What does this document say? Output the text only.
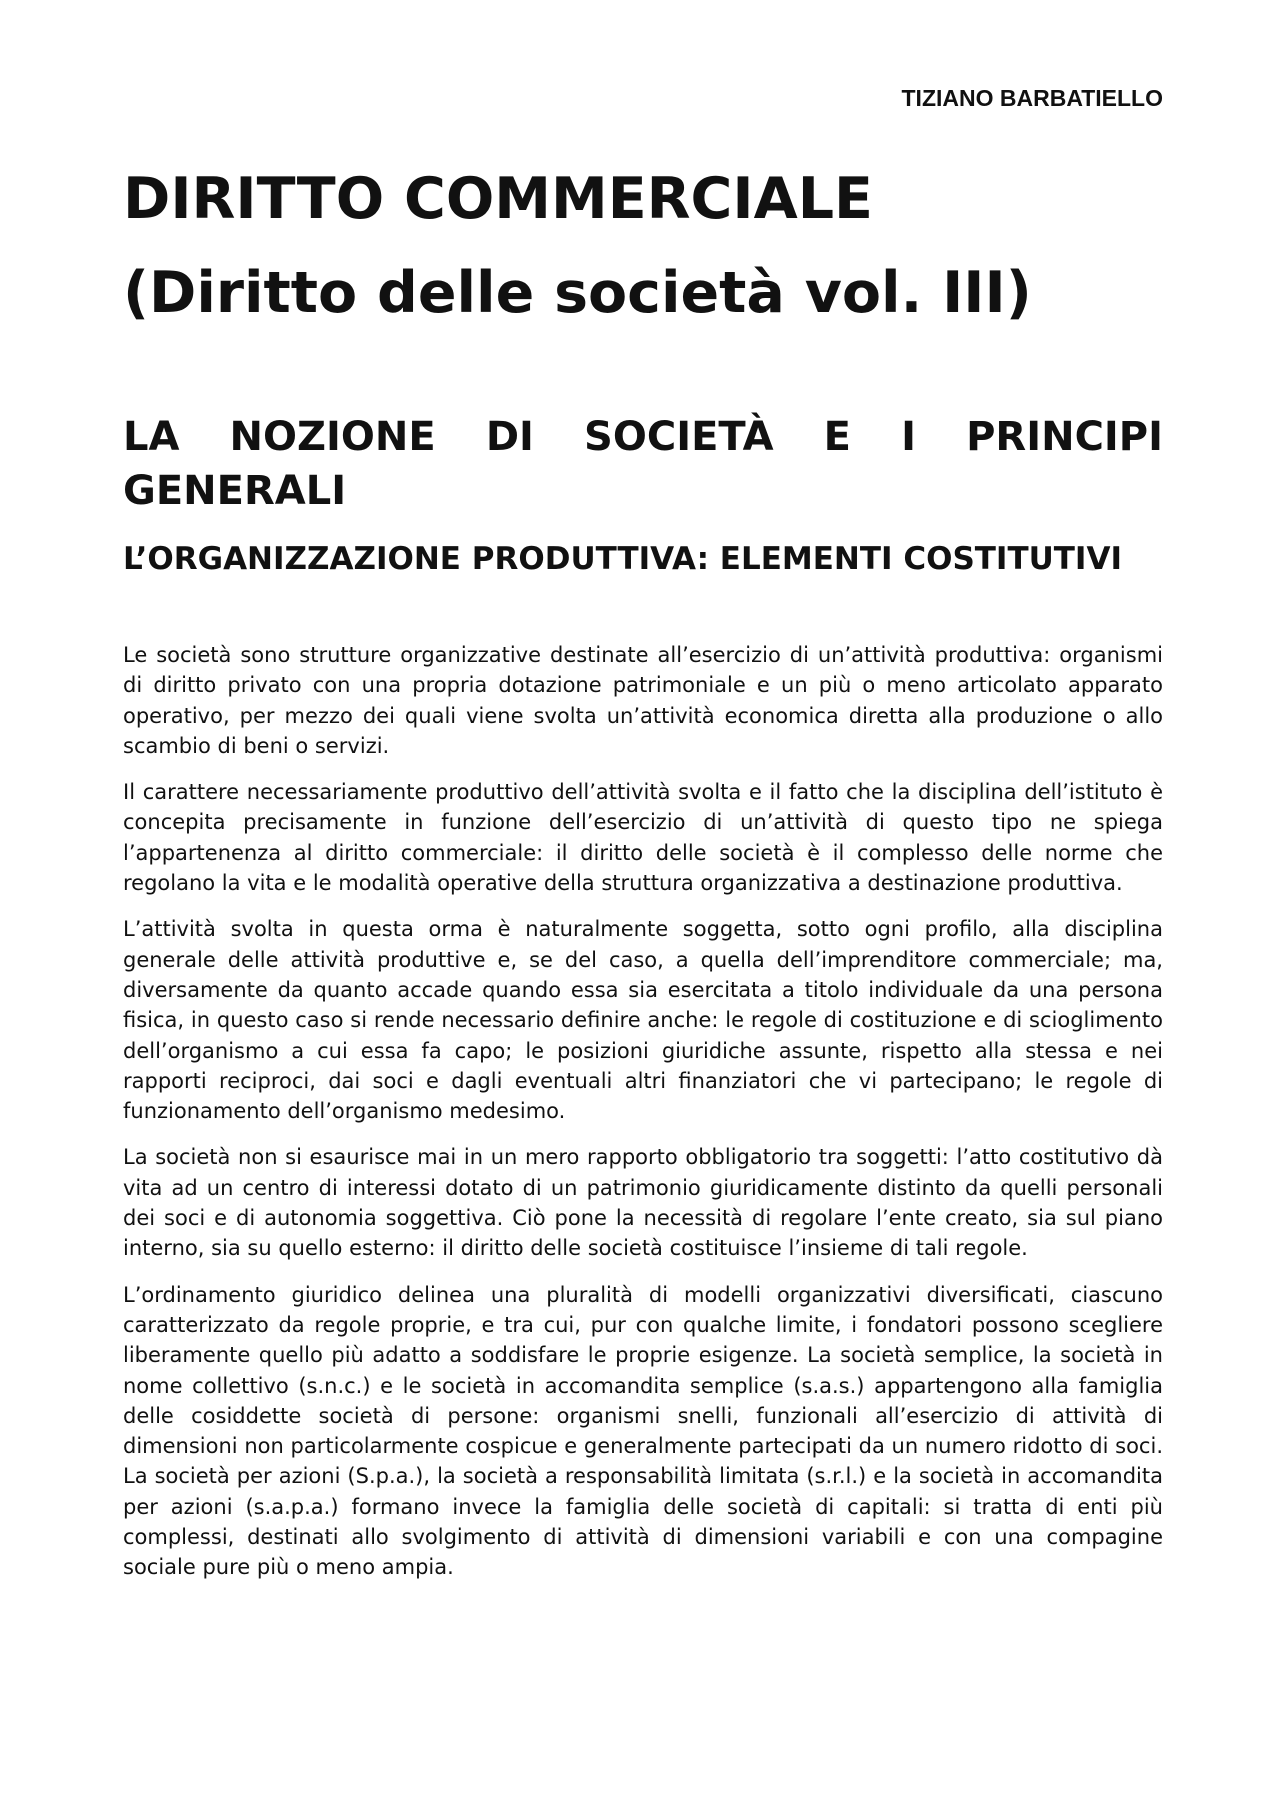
TIZIANO BARBATIELLO
DIRITTO COMMERCIALE
(Diritto delle società vol. III)
LA NOZIONE DI SOCIETÀ E I PRINCIPI GENERALI
L’ORGANIZZAZIONE PRODUTTIVA: ELEMENTI COSTITUTIVI

Le società sono strutture organizzative destinate all’esercizio di un’attività produttiva: organismi di diritto privato con una propria dotazione patrimoniale e un più o meno articolato apparato operativo, per mezzo dei quali viene svolta un’attività economica diretta alla produzione o allo scambio di beni o servizi.

Il carattere necessariamente produttivo dell’attività svolta e il fatto che la disciplina dell’istituto è concepita precisamente in funzione dell’esercizio di un’attività di questo tipo ne spiega l’appartenenza al diritto commerciale: il diritto delle società è il complesso delle norme che regolano la vita e le modalità operative della struttura organizzativa a destinazione produttiva.

L’attività svolta in questa orma è naturalmente soggetta, sotto ogni profilo, alla disciplina generale delle attività produttive e, se del caso, a quella dell’imprenditore commerciale; ma, diversamente da quanto accade quando essa sia esercitata a titolo individuale da una persona fisica, in questo caso si rende necessario definire anche: le regole di costituzione e di scioglimento dell’organismo a cui essa fa capo; le posizioni giuridiche assunte, rispetto alla stessa e nei rapporti reciproci, dai soci e dagli eventuali altri finanziatori che vi partecipano; le regole di funzionamento dell’organismo medesimo.

La società non si esaurisce mai in un mero rapporto obbligatorio tra soggetti: l’atto costitutivo dà vita ad un centro di interessi dotato di un patrimonio giuridicamente distinto da quelli personali dei soci e di autonomia soggettiva. Ciò pone la necessità di regolare l’ente creato, sia sul piano interno, sia su quello esterno: il diritto delle società costituisce l’insieme di tali regole.

L’ordinamento giuridico delinea una pluralità di modelli organizzativi diversificati, ciascuno caratterizzato da regole proprie, e tra cui, pur con qualche limite, i fondatori possono scegliere liberamente quello più adatto a soddisfare le proprie esigenze. La società semplice, la società in nome collettivo (s.n.c.) e le società in accomandita semplice (s.a.s.) appartengono alla famiglia delle cosiddette società di persone: organismi snelli, funzionali all’esercizio di attività di dimensioni non particolarmente cospicue e generalmente partecipati da un numero ridotto di soci. La società per azioni (S.p.a.), la società a responsabilità limitata (s.r.l.) e la società in accomandita per azioni (s.a.p.a.) formano invece la famiglia delle società di capitali: si tratta di enti più complessi, destinati allo svolgimento di attività di dimensioni variabili e con una compagine sociale pure più o meno ampia.
